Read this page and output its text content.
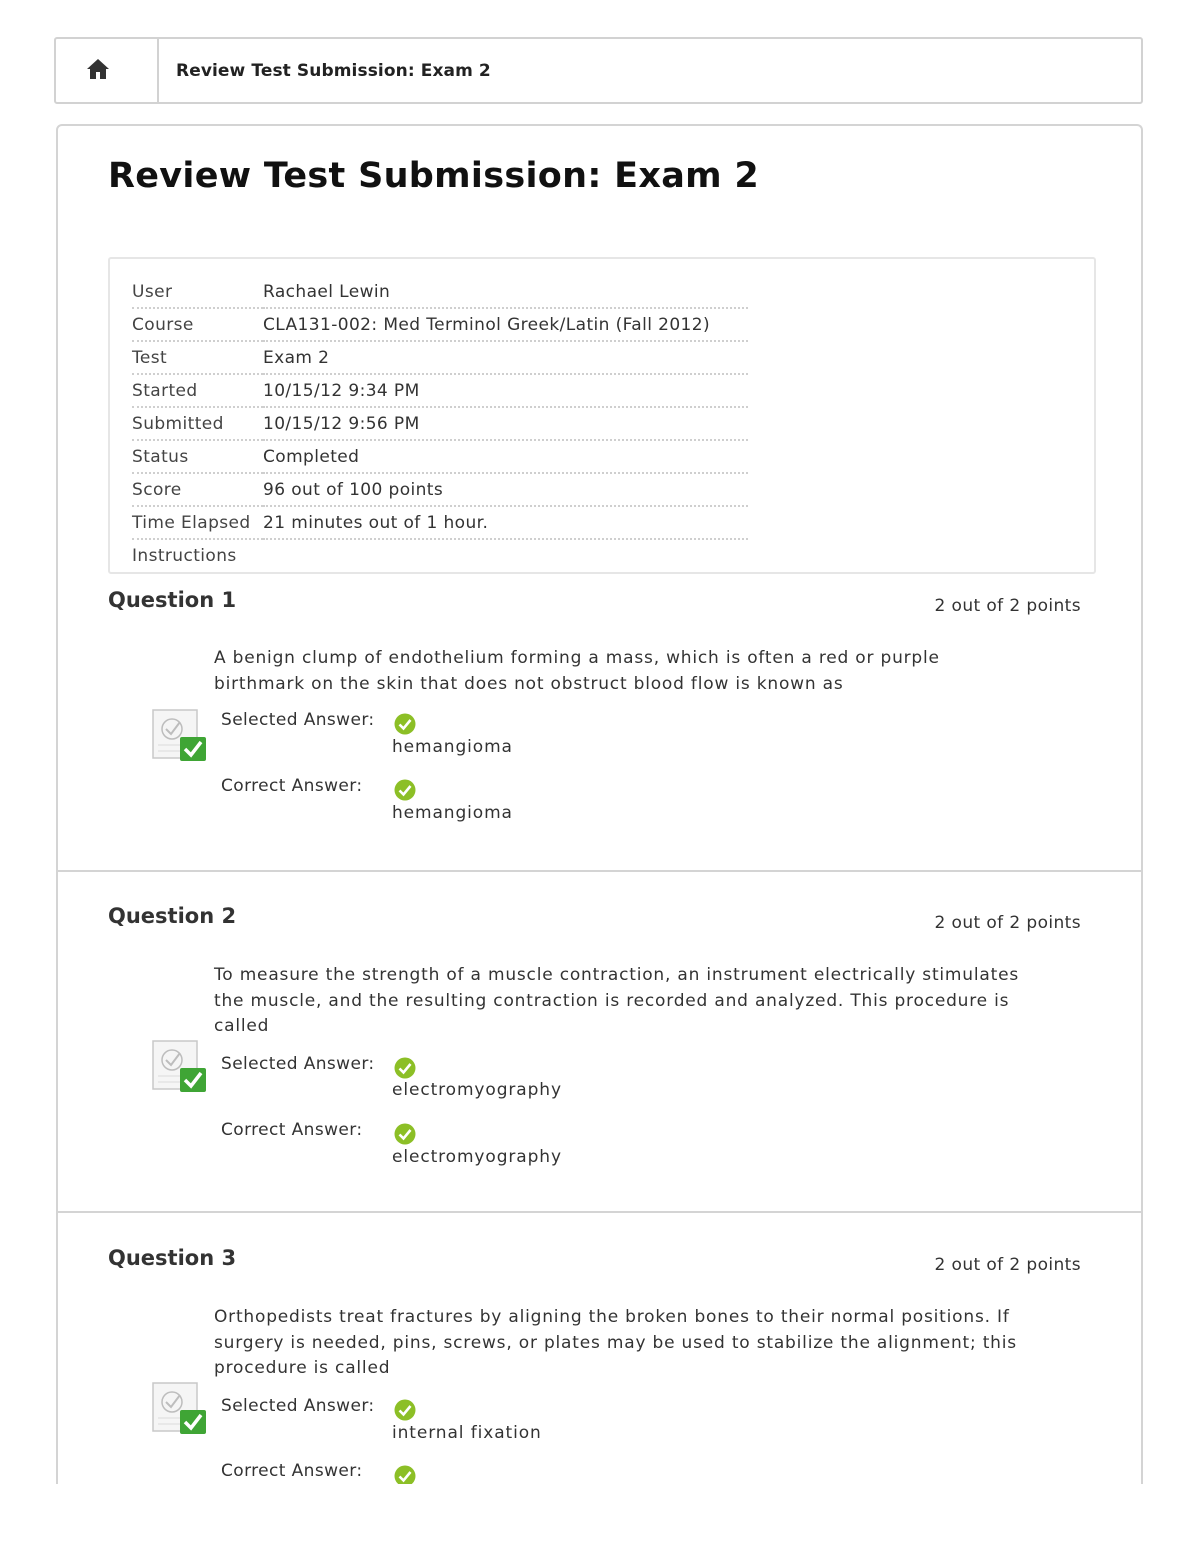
Review Test Submission: Exam 2
Review Test Submission: Exam 2
User	Rachael Lewin
Course	CLA131-002: Med Terminol Greek/Latin (Fall 2012)
Test	Exam 2
Started	10/15/12 9:34 PM
Submitted	10/15/12 9:56 PM
Status	Completed
Score	96 out of 100 points
Time Elapsed	21 minutes out of 1 hour.
Instructions	
Question 1	2 out of 2 points
A benign clump of endothelium forming a mass, which is often a red or purple
birthmark on the skin that does not obstruct blood flow is known as
Selected Answer:
hemangioma
Correct Answer:
hemangioma
Question 2	2 out of 2 points
To measure the strength of a muscle contraction, an instrument electrically stimulates
the muscle, and the resulting contraction is recorded and analyzed. This procedure is
called
Selected Answer:
electromyography
Correct Answer:
electromyography
Question 3	2 out of 2 points
Orthopedists treat fractures by aligning the broken bones to their normal positions. If
surgery is needed, pins, screws, or plates may be used to stabilize the alignment; this
procedure is called
Selected Answer:
internal fixation
Correct Answer:
